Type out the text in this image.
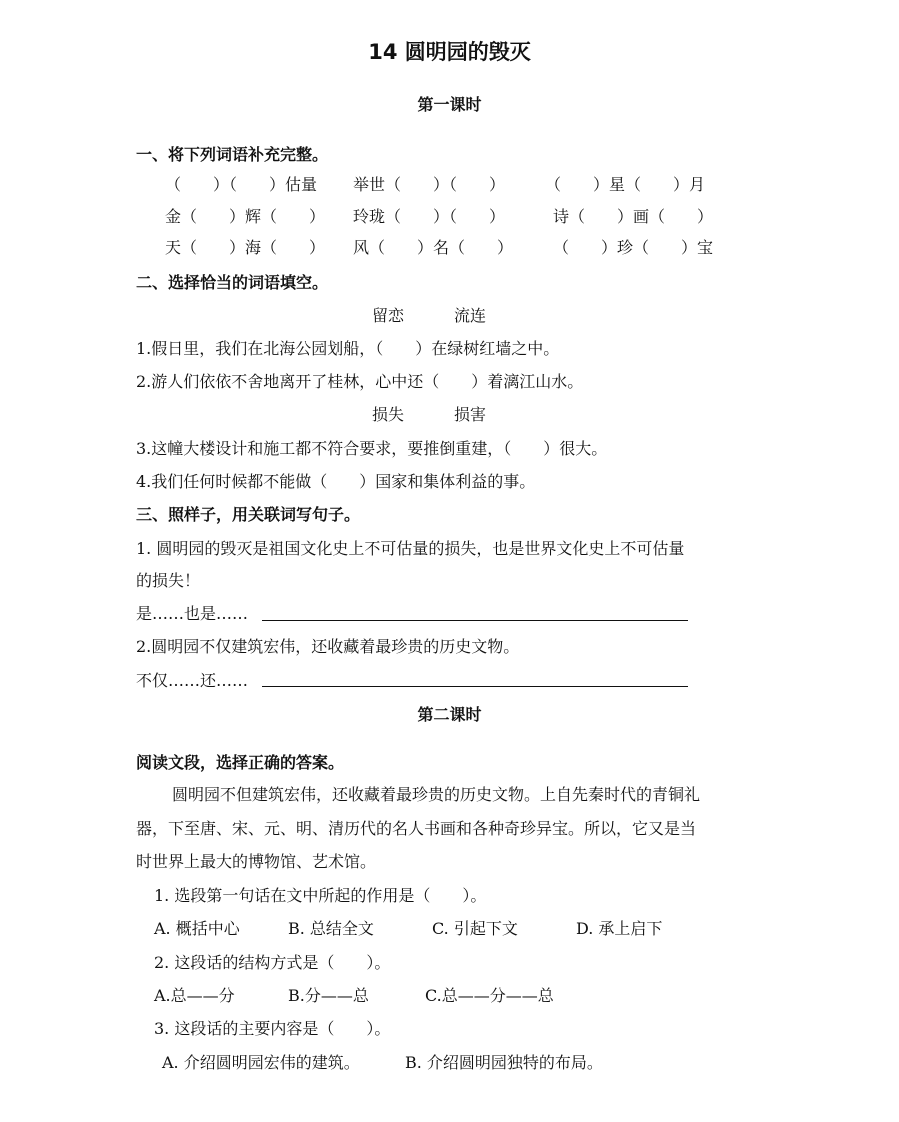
14 圆明园的毁灭
第一课时
一、将下列词语补充完整。
（　　）（　　）估量 举世（　　）（　　） （　　）星（　　）月
金（　　）辉（　　） 玲珑（　　）（　　）	诗（　　）画（　　）
天（　　）海（　　） 风（　　）名（　　） （　　）珍（　　）宝
二、选择恰当的词语填空。
留恋	流连
1.假日里，我们在北海公园划船，（　　）在绿树红墙之中。
2.游人们依依不舍地离开了桂林，心中还（　　）着漓江山水。
损失	损害
3.这幢大楼设计和施工都不符合要求，要推倒重建，（　　）很大。
4.我们任何时候都不能做（　　）国家和集体利益的事。
三、照样子，用关联词写句子。
1. 圆明园的毁灭是祖国文化史上不可估量的损失，也是世界文化史上不可估量
的损失！
是……也是……
2.圆明园不仅建筑宏伟，还收藏着最珍贵的历史文物。
不仅……还……
第二课时
阅读文段，选择正确的答案。
圆明园不但建筑宏伟，还收藏着最珍贵的历史文物。上自先秦时代的青铜礼
器，下至唐、宋、元、明、清历代的名人书画和各种奇珍异宝。所以，它又是当
时世界上最大的博物馆、艺术馆。
1. 选段第一句话在文中所起的作用是（　　）。
A. 概括中心	B. 总结全文	C. 引起下文	D. 承上启下
2. 这段话的结构方式是（　　）。
A.总——分	B.分——总	C.总——分——总
3. 这段话的主要内容是（　　）。
A. 介绍圆明园宏伟的建筑。	B. 介绍圆明园独特的布局。
